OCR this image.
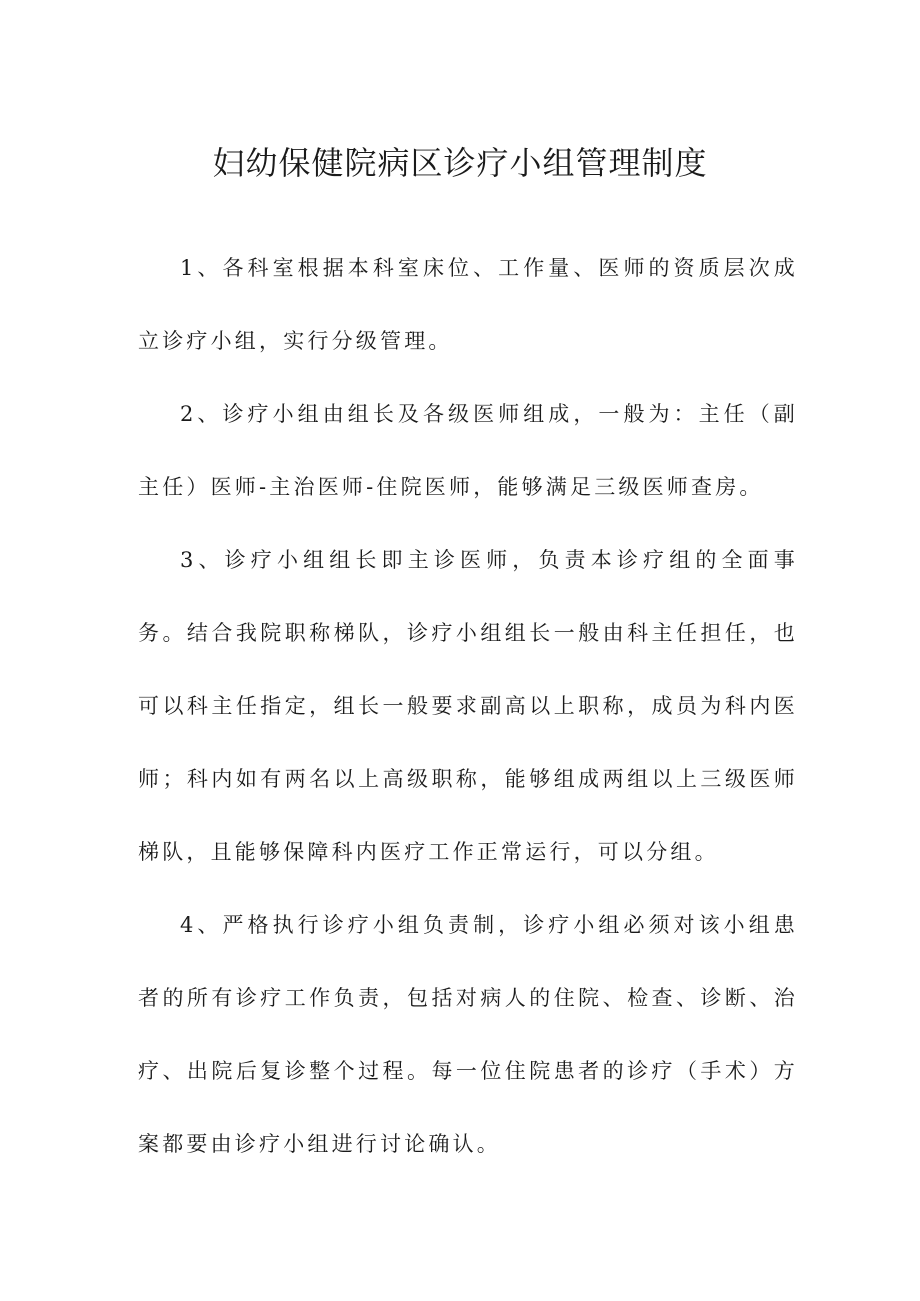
妇幼保健院病区诊疗小组管理制度

1、各科室根据本科室床位、工作量、医师的资质层次成立诊疗小组，实行分级管理。

2、诊疗小组由组长及各级医师组成，一般为：主任（副主任）医师-主治医师-住院医师，能够满足三级医师查房。

3、诊疗小组组长即主诊医师，负责本诊疗组的全面事务。结合我院职称梯队，诊疗小组组长一般由科主任担任，也可以科主任指定，组长一般要求副高以上职称，成员为科内医师；科内如有两名以上高级职称，能够组成两组以上三级医师梯队，且能够保障科内医疗工作正常运行，可以分组。

4、严格执行诊疗小组负责制，诊疗小组必须对该小组患者的所有诊疗工作负责，包括对病人的住院、检查、诊断、治疗、出院后复诊整个过程。每一位住院患者的诊疗（手术）方案都要由诊疗小组进行讨论确认。
